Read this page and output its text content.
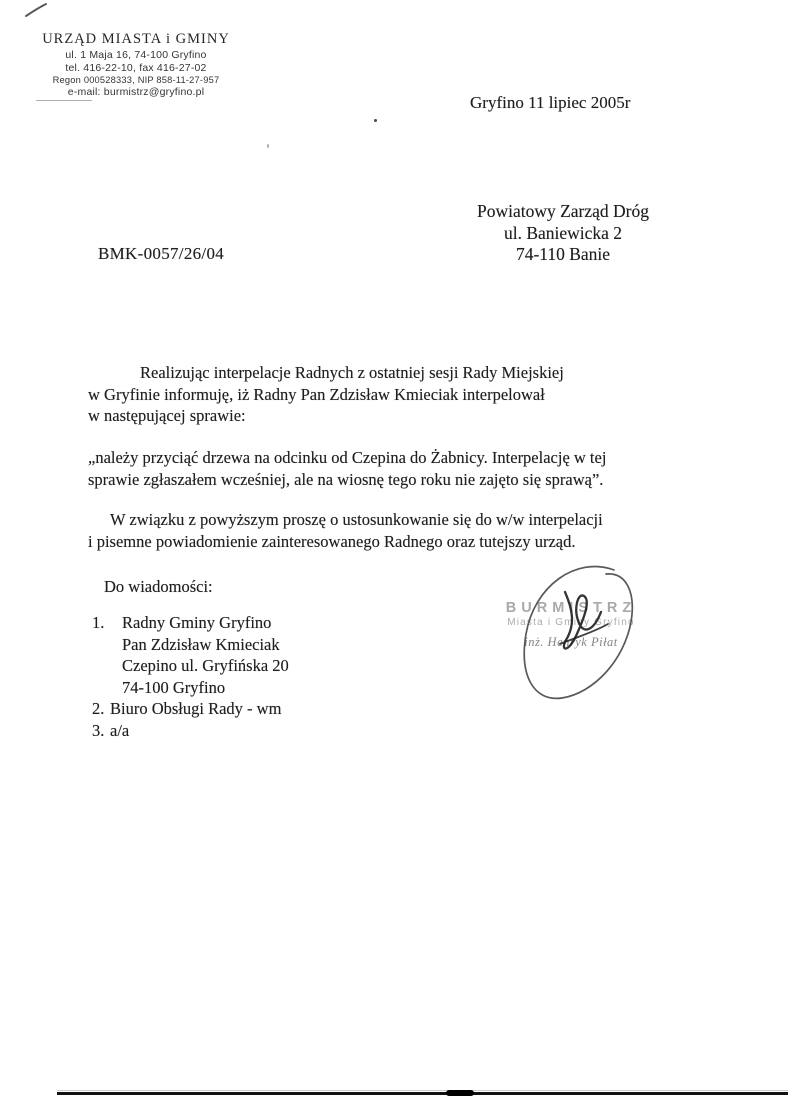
URZĄD MIASTA i GMINY
ul. 1 Maja 16, 74-100 Gryfino
tel. 416-22-10, fax 416-27-02
Regon 000528333, NIP 858-11-27-957
e-mail: burmistrz@gryfino.pl
Gryfino 11 lipiec 2005r
Powiatowy Zarząd Dróg
ul. Baniewicka 2
74-110 Banie
BMK-0057/26/04
Realizując interpelacje Radnych z ostatniej sesji Rady Miejskiej
w Gryfinie informuję, iż Radny Pan Zdzisław Kmieciak interpelował
w następującej sprawie:
„należy przyciąć drzewa na odcinku od Czepina do Żabnicy. Interpelację w tej
sprawie zgłaszałem wcześniej, ale na wiosnę tego roku nie zajęto się sprawą”.
W związku z powyższym proszę o ustosunkowanie się do w/w interpelacji
i pisemne powiadomienie zainteresowanego Radnego oraz tutejszy urząd.
Do wiadomości:
1.	Radny Gminy Gryfino
Pan Zdzisław Kmieciak
Czepino ul. Gryfińska 20
74-100 Gryfino
2. Biuro Obsługi Rady - wm
3. a/a
BURMISTRZ
Miasta i Gminy Gryfino
inż. Henryk Piłat
